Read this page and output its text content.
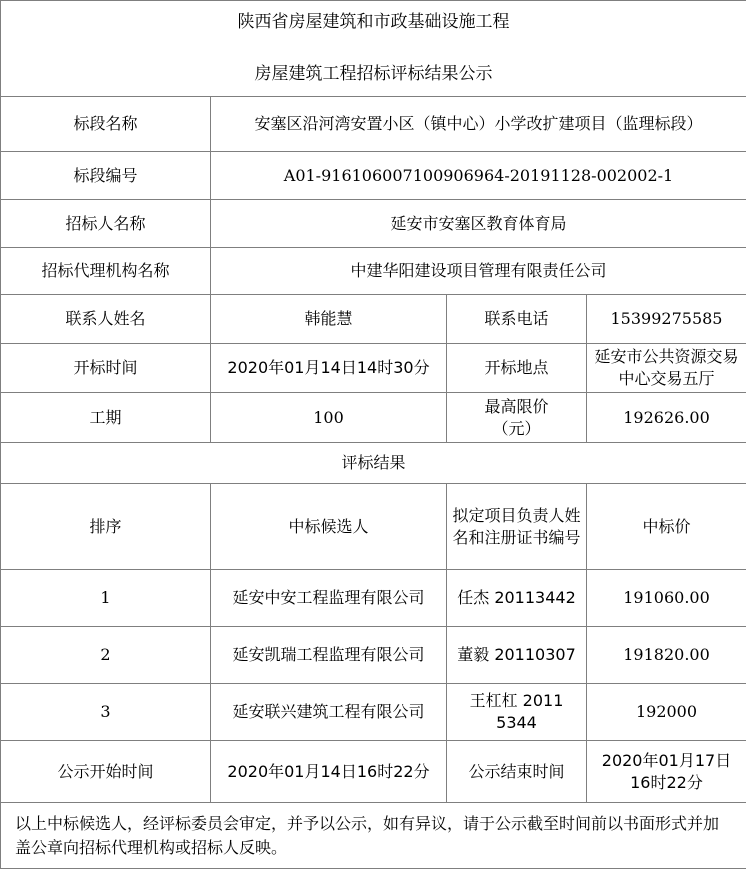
陕西省房屋建筑和市政基础设施工程
房屋建筑工程招标评标结果公示			

标段名称	安塞区沿河湾安置小区（镇中心）小学改扩建项目（监理标段）		
标段编号	A01-916106007100906964-20191128-002002-1		
招标人名称	延安市安塞区教育体育局		
招标代理机构名称	中建华阳建设项目管理有限责任公司		
联系人姓名	韩能慧	联系电话	15399275585
开标时间	2020年01月14日14时30分	开标地点	延安市公共资源交易中心交易五厅
工期	100	最高限价（元）	192626.00
评标结果			
排序	中标候选人	拟定项目负责人姓名和注册证书编号	中标价
1	延安中安工程监理有限公司	任杰 20113442	191060.00
2	延安凯瑞工程监理有限公司	董毅 20110307	191820.00
3	延安联兴建筑工程有限公司	王杠杠 20115344	192000
公示开始时间	2020年01月14日16时22分	公示结束时间	2020年01月17日16时22分
以上中标候选人，经评标委员会审定，并予以公示，如有异议，请于公示截至时间前以书面形式并加盖公章向招标代理机构或招标人反映。			
